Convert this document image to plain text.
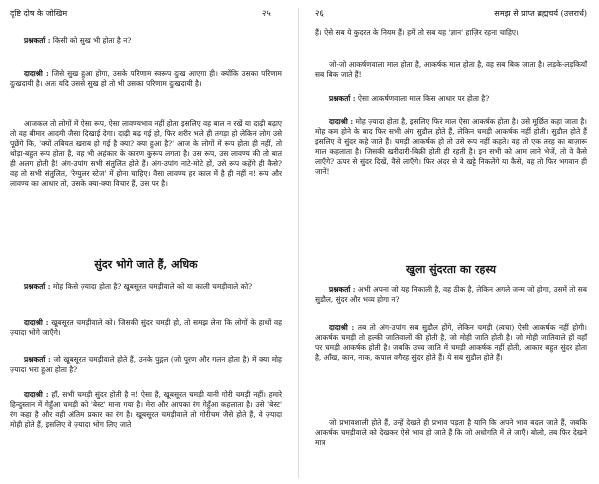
दृष्टि दोष के जोखिम	२५

प्रश्नकर्ता : किसी को सुख भी होता है न?

दादाश्री : जिसे सुख हुआ होगा, उसके परिणाम स्वरूप दुःख आएगा ही। क्योंकि उसका परिणाम दुःखदायी है। अतः यदि उससे सुख हो तो भी उसका परिणाम दुःखदायी है।

आजकल तो लोगों में ऐसा रूप, ऐसा लावण्यभाव नहीं होता इसलिए वह बाल न रखें या दाढ़ी बढ़ाए तो वह बीमार आदमी जैसा दिखाई देगा। दाढ़ी बढ़ गई हो, फिर शरीर भले ही तगड़ा हो लेकिन लोग उसे पूछेंगे कि, 'क्यों तबियत खराब हो गई है क्या? क्या हुआ है?' आज के लोगों में रूप होता ही नहीं, तो थोड़ा-बहुत रूप होता है, वह भी अहंकार के कारण कुरूप लगता है। उस रूप, उस लावण्य की तो बात ही अलग होती है! अंग-उपांग सभी संतुलित होते हैं। अंग-उपांग नाटे-मोटे हों, उसे रूप कहेंगे ही कैसे? वह तो सभी संतुलित, 'रेग्युलर स्टेज' में होना चाहिए। वैसा लावण्य हर काल में है ही नहीं न! रूप और लावण्य का आधार तो, उसके क्या-क्या विचार हैं, उस पर है।

सुंदर भोगे जाते हैं, अधिक

प्रश्नकर्ता : मोह किसे ज़्यादा होता है? खूबसूरत चमड़ीवाले को या काली चमड़ीवाले को?

दादाश्री : खूबसूरत चमड़ीवाले को। जिसकी सुंदर चमड़ी हो, तो समझ लेना कि लोगों के हाथों वह ज़्यादा भोगे जाएँगे।

प्रश्नकर्ता : जो खूबसूरत चमड़ीवाले होते हैं, उनके पुद्गल (जो पूरण और गलन होता है) में क्या मोह ज़्यादा भरा हुआ होता है?

दादाश्री : हाँ, सभी चमड़ी सुंदर होती है न! ऐसा है, खूबसूरत चमड़ी यानी गोरी चमड़ी नहीं। हमारे हिन्दुस्तान में गेहुँआ चमड़ी को 'बेस्ट' माना गया है। मेरा और आपका रंग गेहुँआ कहलाता है। उसे 'बेस्ट' रंग कहा है और वही अंतिम प्रकार का रंग है। खूबसूरत चमड़ीवाले तो गोरीचम जैसे होते हैं, वे ज़्यादा मोही होते हैं, इसलिए वे ज़्यादा भोग लिए जाते

२६	समझ से प्राप्त ब्रह्मचर्य (उत्तरार्ध)

हैं। ऐसे सब ये कुदरत के नियम हैं। हमें तो सब यह 'ज्ञान' हाज़िर रहना चाहिए।

जो-जो आकर्षणवाला माल होता है, आकर्षक माल होता है, वह सब बिक जाता है। लड़के-लड़कियाँ सब बिक जाते हैं!

प्रश्नकर्ता : ऐसा आकर्षणवाला माल किस आधार पर होता है?

दादाश्री : मोह ज़्यादा होता है, इसलिए फिर माल ऐसा आकर्षक होता है। उसे मूर्छित कहा जाता है। मोह कम होने के बाद फिर सभी अंग सुडौल होते हैं, लेकिन चमड़ी आकर्षक नहीं होती। सुडौल होते हैं इसलिए वे सुंदर कहे जाते हैं। चमड़ी आकर्षक हो तो उसे रूप नहीं कहते। वह तो एक तरह का बाज़ारू माल कहलाता है। जिसकी खरीदारी-बिक्री होती ही रहती है। इन सभी को आम लाने भेजें, तो वे कैसे लाएँगे? ऊपर से सुंदर दिखें, वैसे लाएँगे। फिर अंदर से वे खट्टे निकलेंगे या कैसे, वह तो फिर भगवान ही जानें!

खुला सुंदरता का रहस्य

प्रश्नकर्ता : अभी अपना जो यह निकाली है, वह ठीक है, लेकिन अगले जन्म जो होगा, उसमें तो सब सुडौल, सुंदर और भव्य होगा न?

दादाश्री : तब तो अंग-उपांग सब सुडौल होंगे, लेकिन चमड़ी (त्वचा) ऐसी आकर्षक नहीं होगी। आकर्षक चमड़ी तो हल्की जातिवालों की होती है, जो मोही जाति होती है। जो मोही जातिवाले हों वहाँ पर चमड़ी आकर्षक होती है। जबकि उच्च जाति में चमड़ी आकर्षक नहीं होती, आकार बहुत सुंदर होता है, आँख, कान, नाक, कपाल वगैरह सुंदर होते हैं। ये सब सुडौल होते हैं।

जो प्रभावशाली होते हैं, उन्हें देखते ही प्रभाव पड़ता है यानि कि अपने भाव बदल जाते हैं, जबकि आकर्षक चमड़ीवाले को देखकर ऐसे भाव हो जाते हैं कि जो अधोगति में ले जाएँ। बोलो, तब फिर देखने मात्र
